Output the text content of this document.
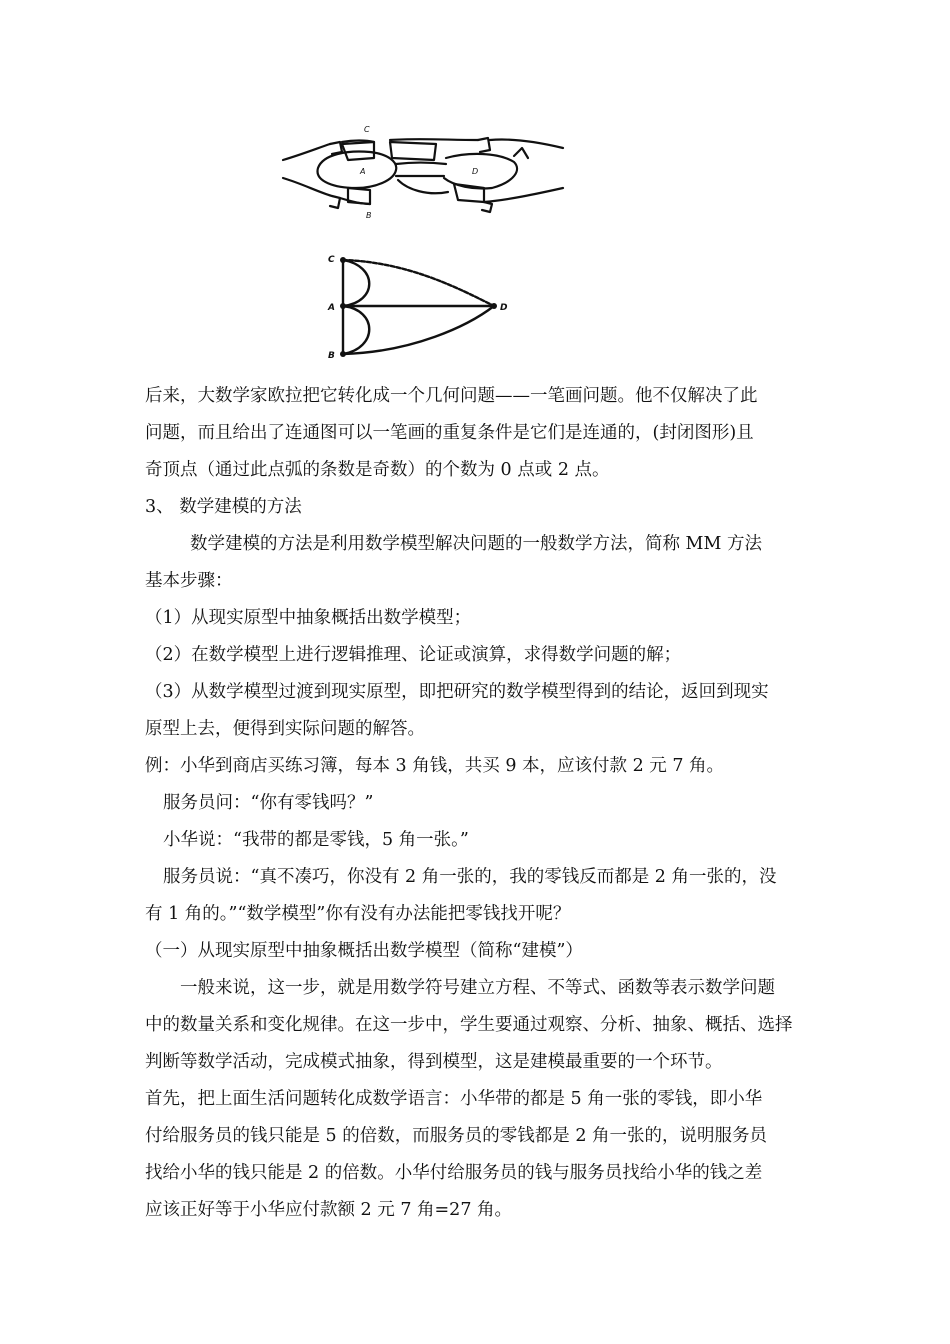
C
A	D
B
C
A	D
B

后来，大数学家欧拉把它转化成一个几何问题——一笔画问题。他不仅解决了此

问题，而且给出了连通图可以一笔画的重复条件是它们是连通的，(封闭图形)且

奇顶点（通过此点弧的条数是奇数）的个数为 0 点或 2 点。

3、 数学建模的方法

数学建模的方法是利用数学模型解决问题的一般数学方法，简称 MM 方法

基本步骤：

（1）从现实原型中抽象概括出数学模型；

（2）在数学模型上进行逻辑推理、论证或演算，求得数学问题的解；

（3）从数学模型过渡到现实原型，即把研究的数学模型得到的结论，返回到现实

原型上去，便得到实际问题的解答。

例：小华到商店买练习簿，每本 3 角钱，共买 9 本，应该付款 2 元 7 角。

服务员问：“你有零钱吗？”

小华说：“我带的都是零钱，5 角一张。”

服务员说：“真不凑巧，你没有 2 角一张的，我的零钱反而都是 2 角一张的，没

有 1 角的。”“数学模型”你有没有办法能把零钱找开呢？

（一）从现实原型中抽象概括出数学模型（简称“建模”）

一般来说，这一步，就是用数学符号建立方程、不等式、函数等表示数学问题

中的数量关系和变化规律。在这一步中，学生要通过观察、分析、抽象、概括、选择

判断等数学活动，完成模式抽象，得到模型，这是建模最重要的一个环节。

首先，把上面生活问题转化成数学语言：小华带的都是 5 角一张的零钱，即小华

付给服务员的钱只能是 5 的倍数，而服务员的零钱都是 2 角一张的，说明服务员

找给小华的钱只能是 2 的倍数。小华付给服务员的钱与服务员找给小华的钱之差

应该正好等于小华应付款额 2 元 7 角=27 角。
